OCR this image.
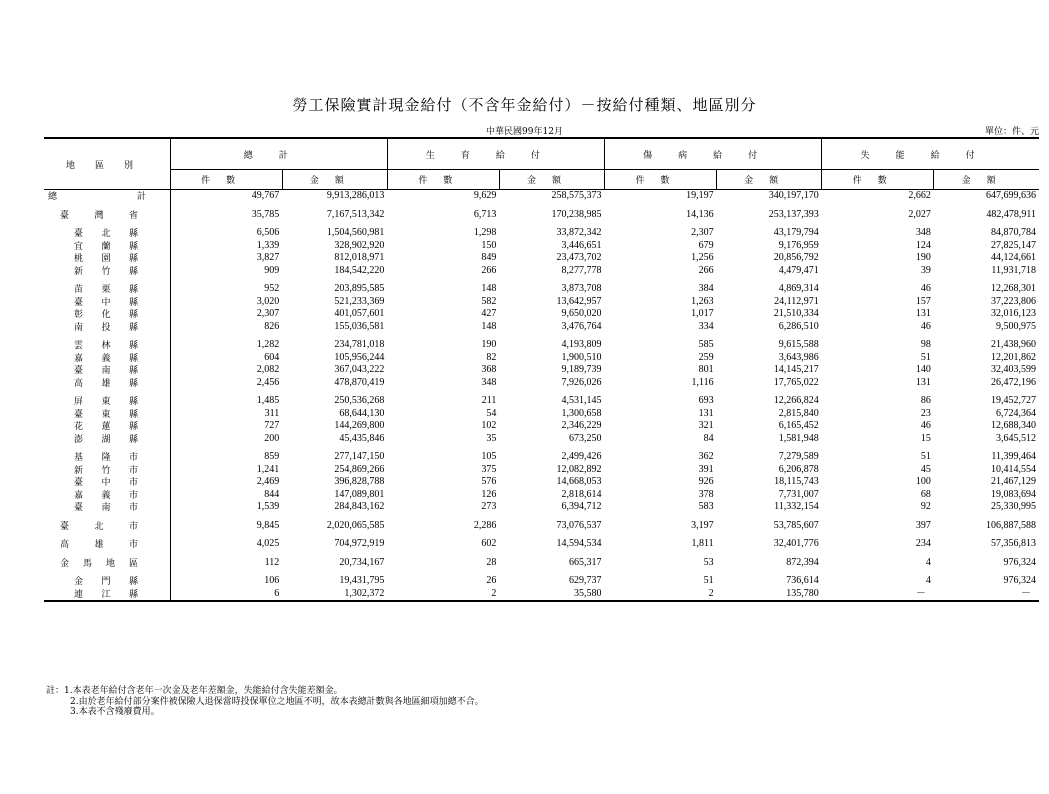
勞工保險實計現金給付（不含年金給付）－按給付種類、地區別分
中華民國99年12月	單位：件、元
地區別	總計		生育給付		傷病給付		失能給付	
	件數	金額	件數	金額	件數	金額	件數	金額
總計	49,767	9,913,286,013	9,629	258,575,373	19,197	340,197,170	2,662	647,699,636

臺灣省	35,785	7,167,513,342	6,713	170,238,985	14,136	253,137,393	2,027	482,478,911

臺北縣	6,506	1,504,560,981	1,298	33,872,342	2,307	43,179,794	348	84,870,784
宜蘭縣	1,339	328,902,920	150	3,446,651	679	9,176,959	124	27,825,147
桃園縣	3,827	812,018,971	849	23,473,702	1,256	20,856,792	190	44,124,661
新竹縣	909	184,542,220	266	8,277,778	266	4,479,471	39	11,931,718

苗栗縣	952	203,895,585	148	3,873,708	384	4,869,314	46	12,268,301
臺中縣	3,020	521,233,369	582	13,642,957	1,263	24,112,971	157	37,223,806
彰化縣	2,307	401,057,601	427	9,650,020	1,017	21,510,334	131	32,016,123
南投縣	826	155,036,581	148	3,476,764	334	6,286,510	46	9,500,975

雲林縣	1,282	234,781,018	190	4,193,809	585	9,615,588	98	21,438,960
嘉義縣	604	105,956,244	82	1,900,510	259	3,643,986	51	12,201,862
臺南縣	2,082	367,043,222	368	9,189,739	801	14,145,217	140	32,403,599
高雄縣	2,456	478,870,419	348	7,926,026	1,116	17,765,022	131	26,472,196

屏東縣	1,485	250,536,268	211	4,531,145	693	12,266,824	86	19,452,727
臺東縣	311	68,644,130	54	1,300,658	131	2,815,840	23	6,724,364
花蓮縣	727	144,269,800	102	2,346,229	321	6,165,452	46	12,688,340
澎湖縣	200	45,435,846	35	673,250	84	1,581,948	15	3,645,512

基隆市	859	277,147,150	105	2,499,426	362	7,279,589	51	11,399,464
新竹市	1,241	254,869,266	375	12,082,892	391	6,206,878	45	10,414,554
臺中市	2,469	396,828,788	576	14,668,053	926	18,115,743	100	21,467,129
嘉義市	844	147,089,801	126	2,818,614	378	7,731,007	68	19,083,694
臺南市	1,539	284,843,162	273	6,394,712	583	11,332,154	92	25,330,995

臺北市	9,845	2,020,065,585	2,286	73,076,537	3,197	53,785,607	397	106,887,588

高雄市	4,025	704,972,919	602	14,594,534	1,811	32,401,776	234	57,356,813

金馬地區	112	20,734,167	28	665,317	53	872,394	4	976,324

金門縣	106	19,431,795	26	629,737	51	736,614	4	976,324
連江縣	6	1,302,372	2	35,580	2	135,780	－	－
註：1.本表老年給付含老年一次金及老年差額金，失能給付含失能差額金。
2.由於老年給付部分案件被保險人退保當時投保單位之地區不明，故本表總計數與各地區細項加總不合。
3.本表不含殘廢費用。
